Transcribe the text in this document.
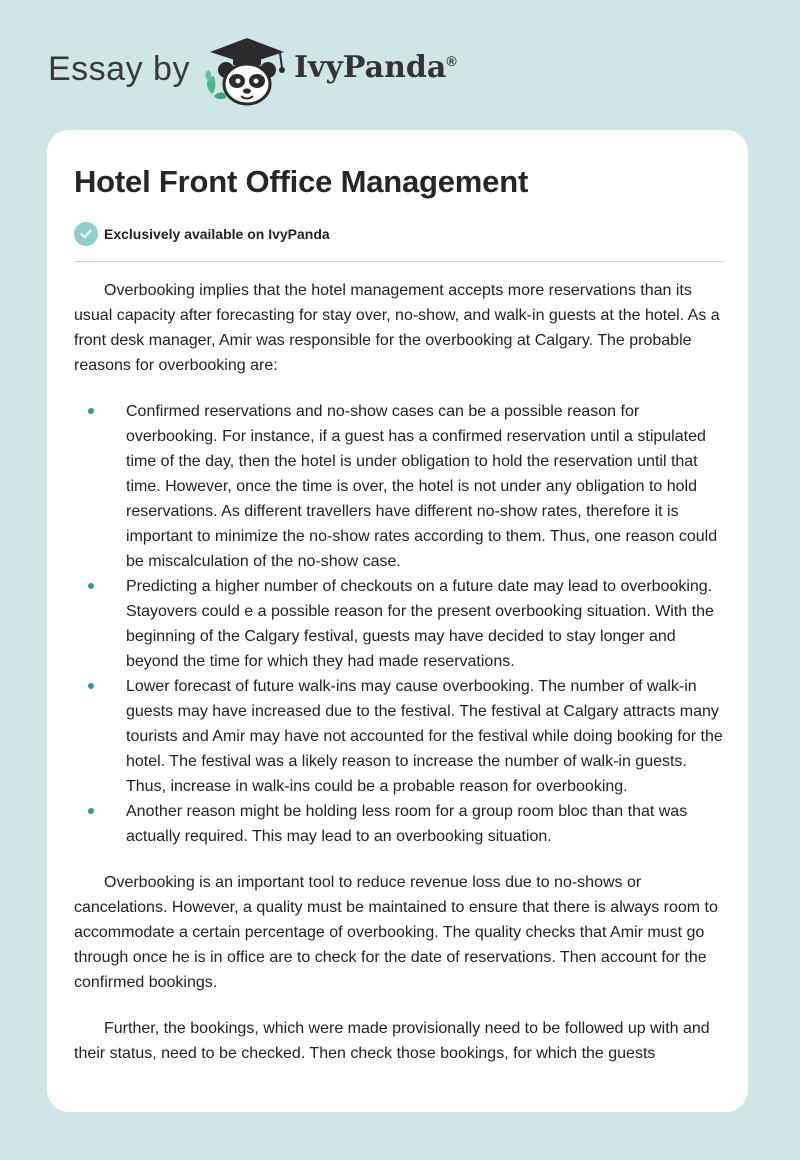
Essay by	IvyPanda®
Hotel Front Office Management
Exclusively available on IvyPanda

Overbooking implies that the hotel management accepts more reservations than its usual capacity after forecasting for stay over, no-show, and walk-in guests at the hotel. As a front desk manager, Amir was responsible for the overbooking at Calgary. The probable reasons for overbooking are:

Confirmed reservations and no-show cases can be a possible reason for overbooking. For instance, if a guest has a confirmed reservation until a stipulated time of the day, then the hotel is under obligation to hold the reservation until that time. However, once the time is over, the hotel is not under any obligation to hold reservations. As different travellers have different no-show rates, therefore it is important to minimize the no-show rates according to them. Thus, one reason could be miscalculation of the no-show case.
Predicting a higher number of checkouts on a future date may lead to overbooking. Stayovers could e a possible reason for the present overbooking situation. With the beginning of the Calgary festival, guests may have decided to stay longer and beyond the time for which they had made reservations.
Lower forecast of future walk-ins may cause overbooking. The number of walk-in guests may have increased due to the festival. The festival at Calgary attracts many tourists and Amir may have not accounted for the festival while doing booking for the hotel. The festival was a likely reason to increase the number of walk-in guests. Thus, increase in walk-ins could be a probable reason for overbooking.
Another reason might be holding less room for a group room bloc than that was actually required. This may lead to an overbooking situation.

Overbooking is an important tool to reduce revenue loss due to no-shows or cancelations. However, a quality must be maintained to ensure that there is always room to accommodate a certain percentage of overbooking. The quality checks that Amir must go through once he is in office are to check for the date of reservations. Then account for the confirmed bookings.

Further, the bookings, which were made provisionally need to be followed up with and their status, need to be checked. Then check those bookings, for which the guests
